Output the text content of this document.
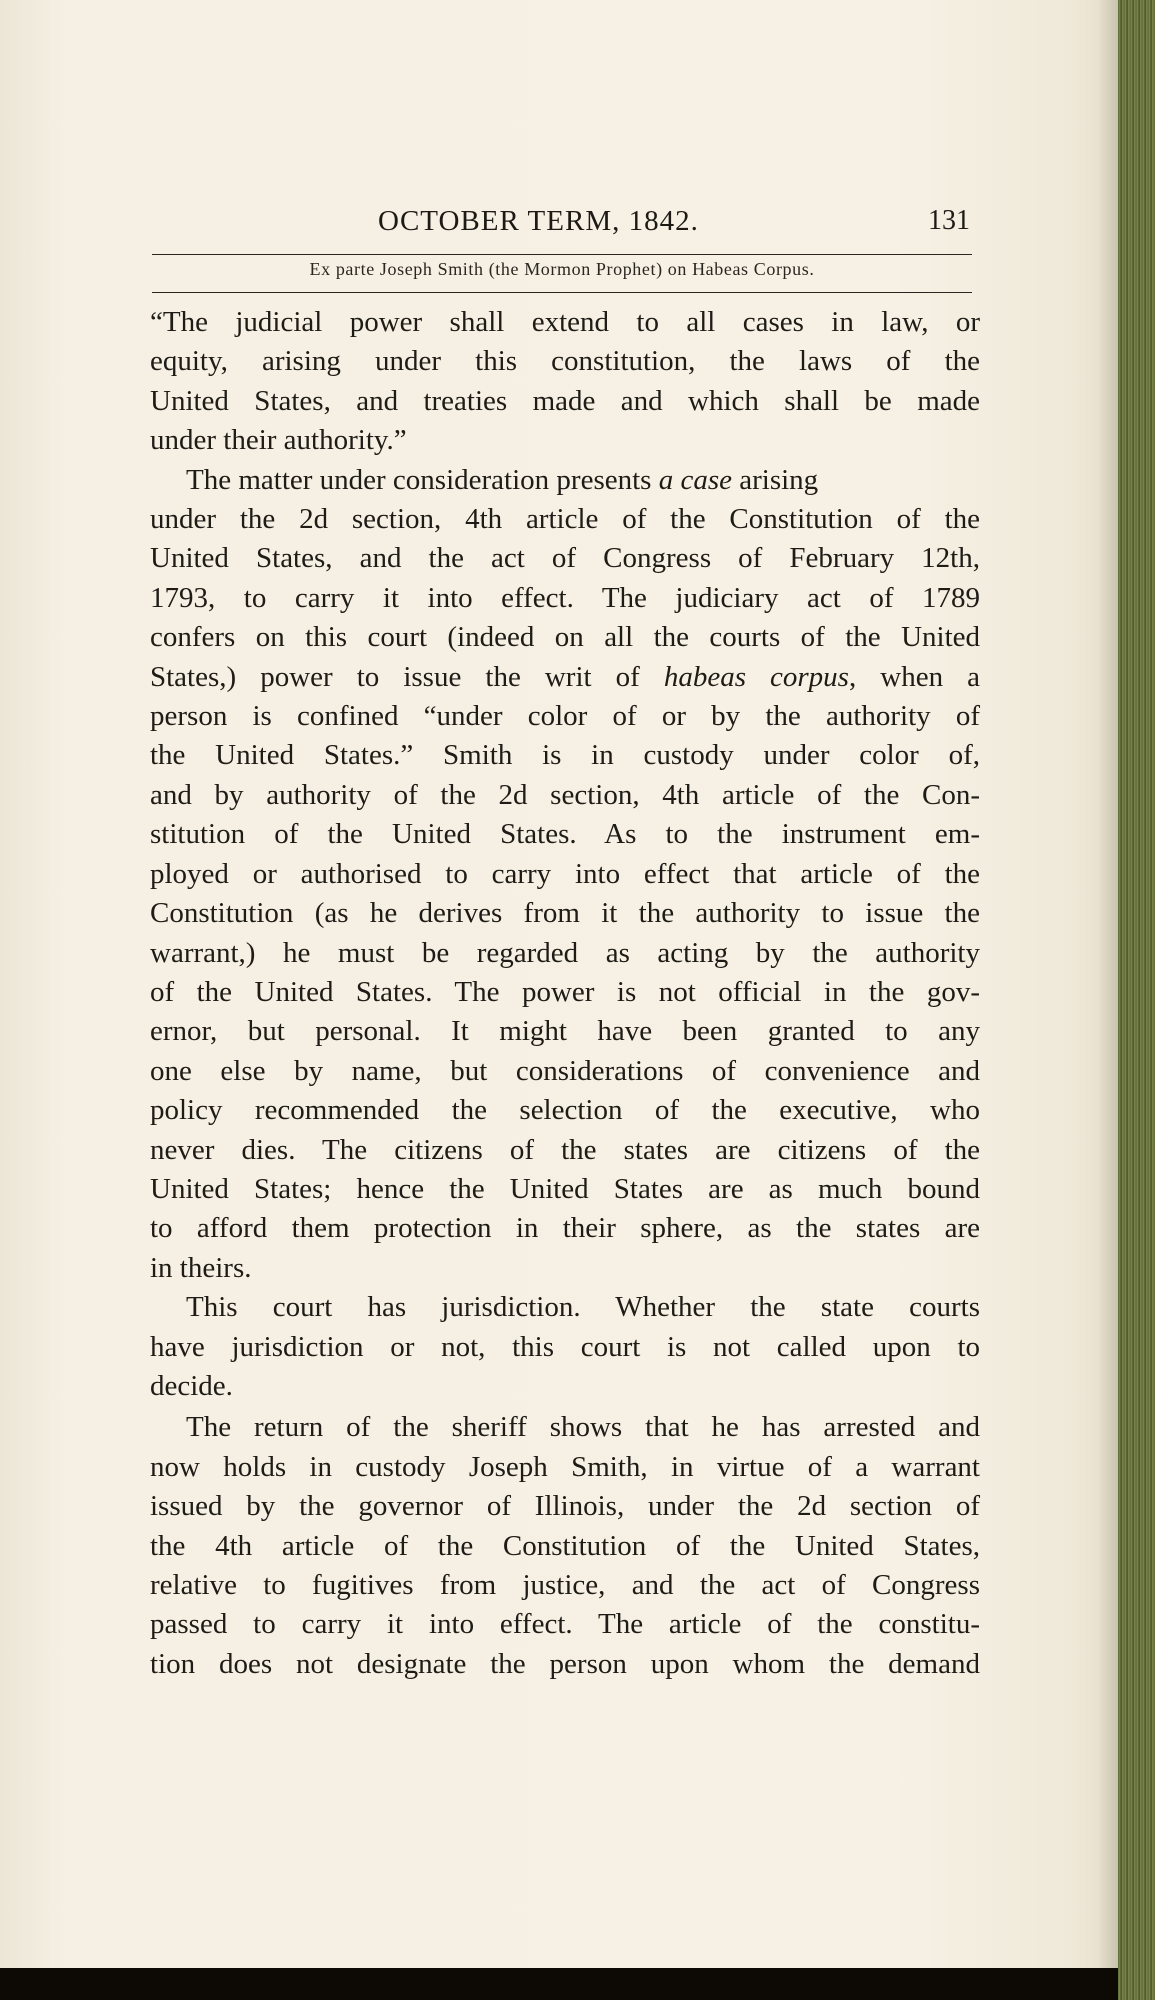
OCTOBER TERM, 1842.	131
Ex parte Joseph Smith (the Mormon Prophet) on Habeas Corpus.
“The judicial power shall extend to all cases in law, or
equity, arising under this constitution, the laws of the
United States, and treaties made and which shall be made
under their authority.”
The matter under consideration presents a case arising
under the 2d section, 4th article of the Constitution of the
United States, and the act of Congress of February 12th,
1793, to carry it into effect. The judiciary act of 1789
confers on this court (indeed on all the courts of the United
States,) power to issue the writ of habeas corpus, when a
person is confined “under color of or by the authority of
the United States.” Smith is in custody under color of,
and by authority of the 2d section, 4th article of the Con-
stitution of the United States. As to the instrument em-
ployed or authorised to carry into effect that article of the
Constitution (as he derives from it the authority to issue the
warrant,) he must be regarded as acting by the authority
of the United States. The power is not official in the gov-
ernor, but personal. It might have been granted to any
one else by name, but considerations of convenience and
policy recommended the selection of the executive, who
never dies. The citizens of the states are citizens of the
United States; hence the United States are as much bound
to afford them protection in their sphere, as the states are
in theirs.
This court has jurisdiction. Whether the state courts
have jurisdiction or not, this court is not called upon to
decide.
The return of the sheriff shows that he has arrested and
now holds in custody Joseph Smith, in virtue of a warrant
issued by the governor of Illinois, under the 2d section of
the 4th article of the Constitution of the United States,
relative to fugitives from justice, and the act of Congress
passed to carry it into effect. The article of the constitu-
tion does not designate the person upon whom the demand
